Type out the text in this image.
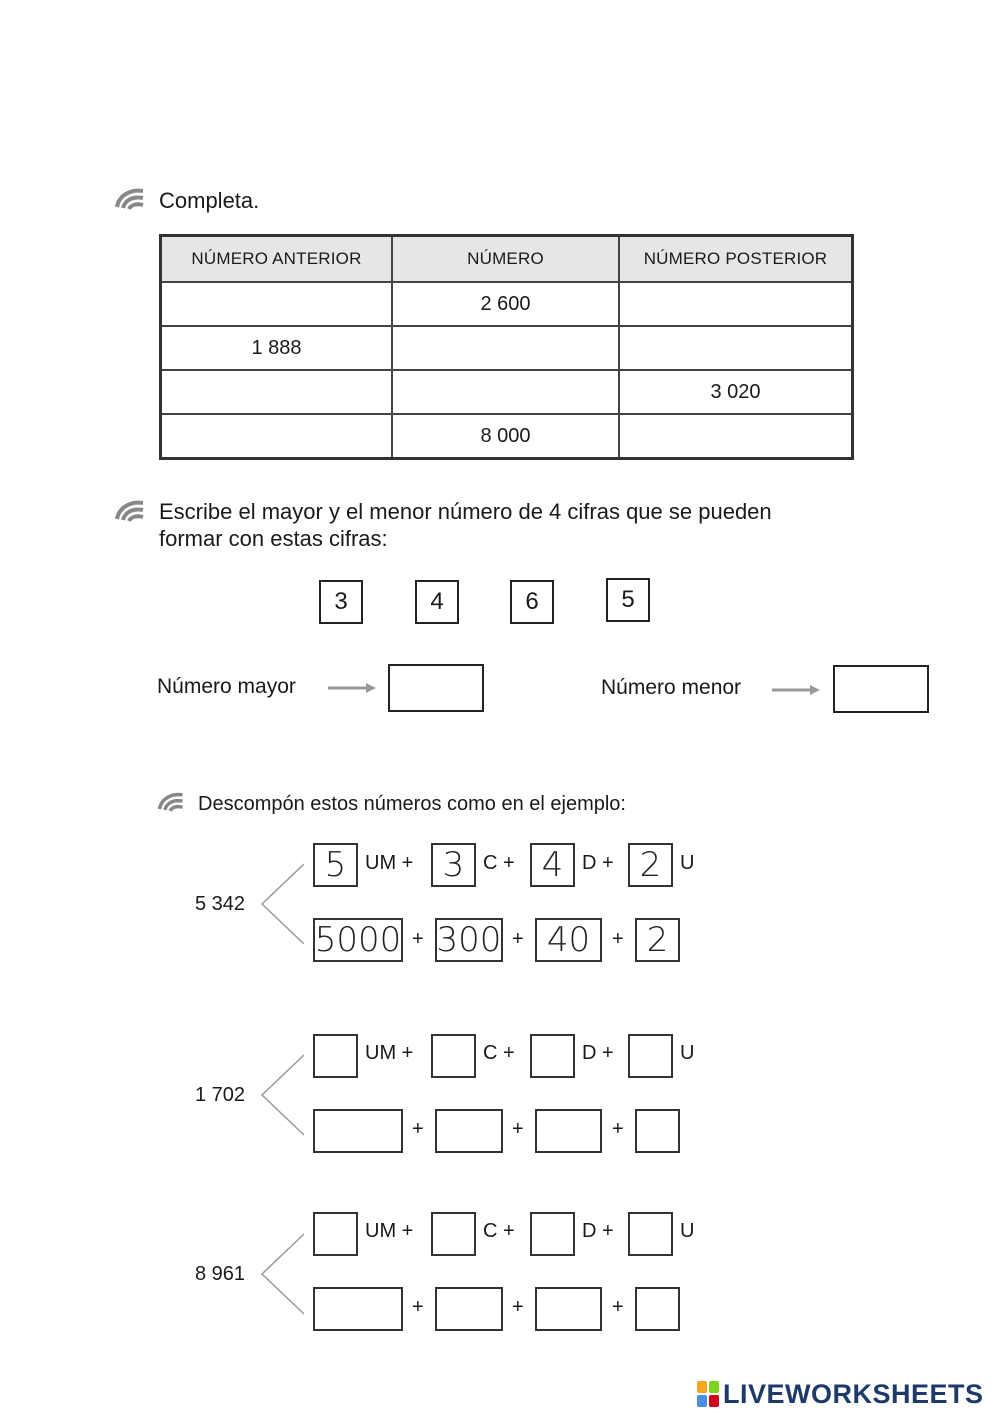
Completa.
NÚMERO ANTERIOR	NÚMERO	NÚMERO POSTERIOR
	2 600	
1 888		
		3 020
	8 000	
Escribe el mayor y el menor número de 4 cifras que se pueden
formar con estas cifras:
3	4	6	5
Número mayor	Número menor
Descompón estos números como en el ejemplo:
5 342
5 UM + 3 C + 4 D + 2 U
5000 + 300 + 40	+ 2
1 702
UM +	C +	D +	U
+	+	+
8 961
UM +	C +	D +	U
+	+	+
LIVEWORKSHEETS
